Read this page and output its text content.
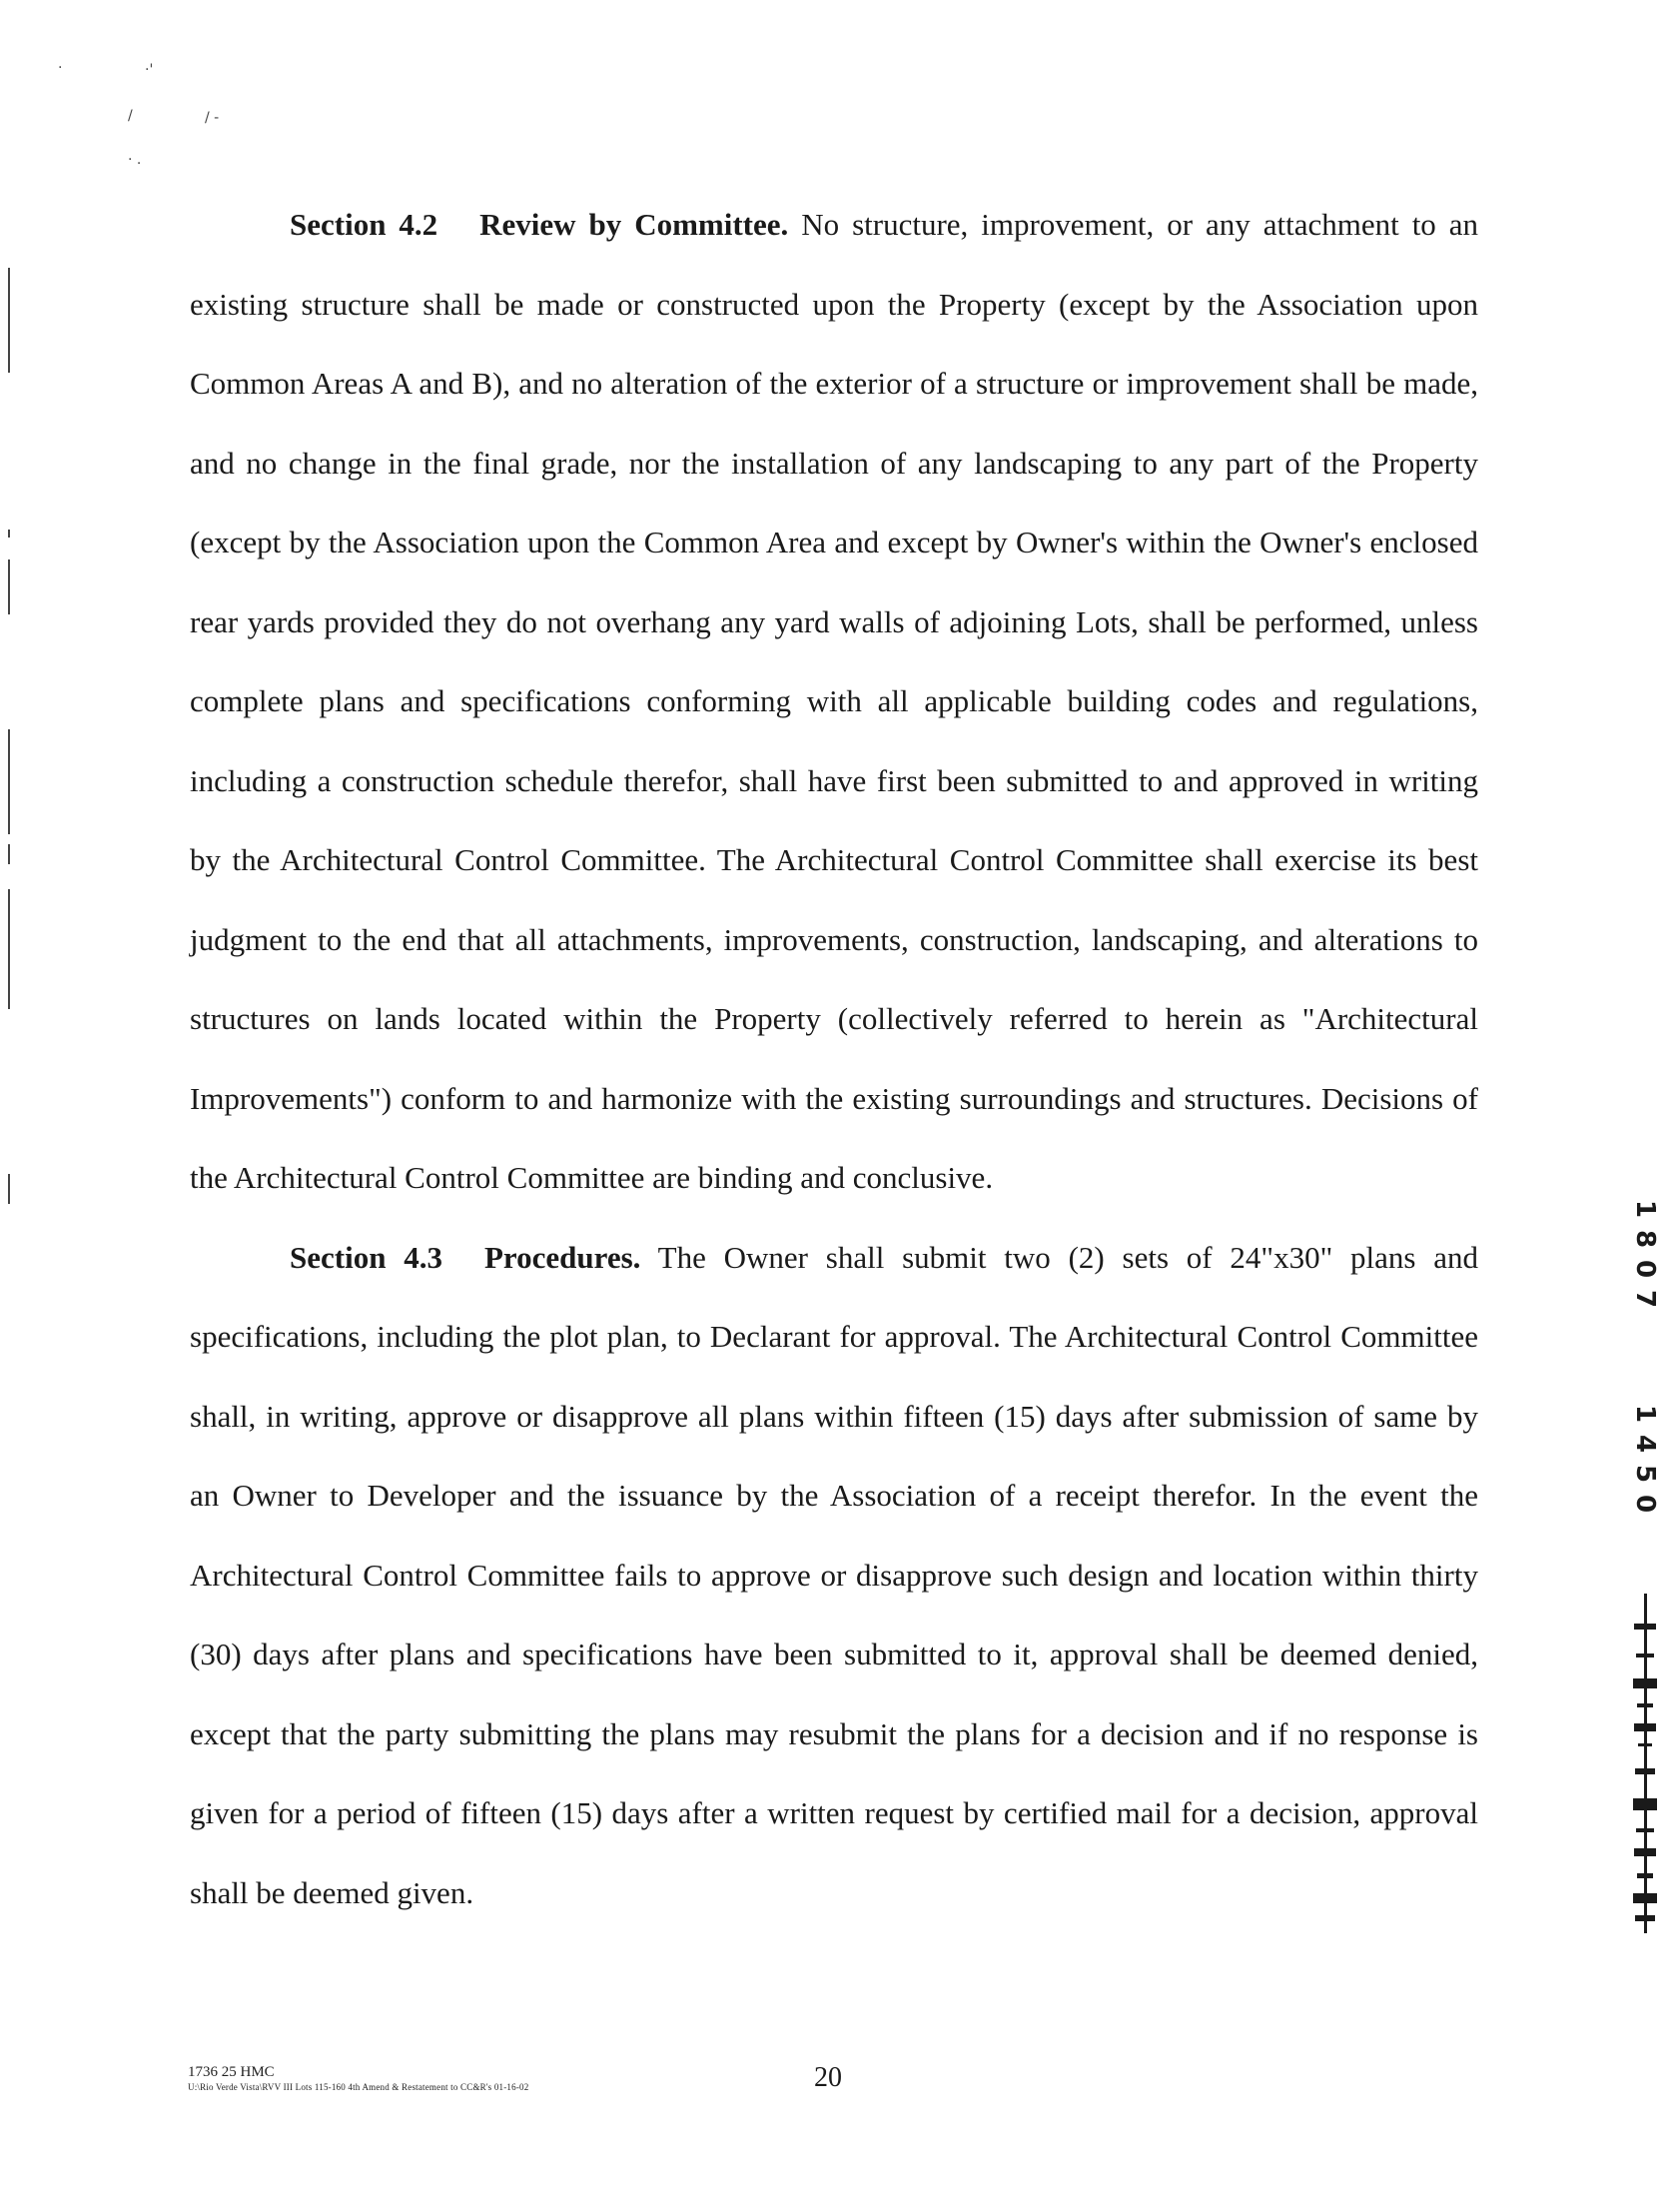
·	·'
/	/ -
· .

Section 4.2 Review by Committee. No structure, improvement, or any attachment to an existing structure shall be made or constructed upon the Property (except by the Association upon Common Areas A and B), and no alteration of the exterior of a structure or improvement shall be made, and no change in the final grade, nor the installation of any landscaping to any part of the Property (except by the Association upon the Common Area and except by Owner's within the Owner's enclosed rear yards provided they do not overhang any yard walls of adjoining Lots, shall be performed, unless complete plans and specifications conforming with all applicable building codes and regulations, including a construction schedule therefor, shall have first been submitted to and approved in writing by the Architectural Control Committee. The Architectural Control Committee shall exercise its best judgment to the end that all attachments, improvements, construction, landscaping, and alterations to structures on lands located within the Property (collectively referred to herein as "Architectural Improvements") conform to and harmonize with the existing surroundings and structures. Decisions of the Architectural Control Committee are binding and conclusive.

Section 4.3 Procedures. The Owner shall submit two (2) sets of 24"x30" plans and specifications, including the plot plan, to Declarant for approval. The Architectural Control Committee shall, in writing, approve or disapprove all plans within fifteen (15) days after submission of same by an Owner to Developer and the issuance by the Association of a receipt therefor. In the event the Architectural Control Committee fails to approve or disapprove such design and location within thirty (30) days after plans and specifications have been submitted to it, approval shall be deemed denied, except that the party submitting the plans may resubmit the plans for a decision and if no response is given for a period of fifteen (15) days after a written request by certified mail for a decision, approval shall be deemed given.

1
8
0
7
1
4
5
0
1736 25 HMC
U:\Rio Verde Vista\RVV III Lots 115-160 4th Amend & Restatement to CC&R's 01-16-02	20
